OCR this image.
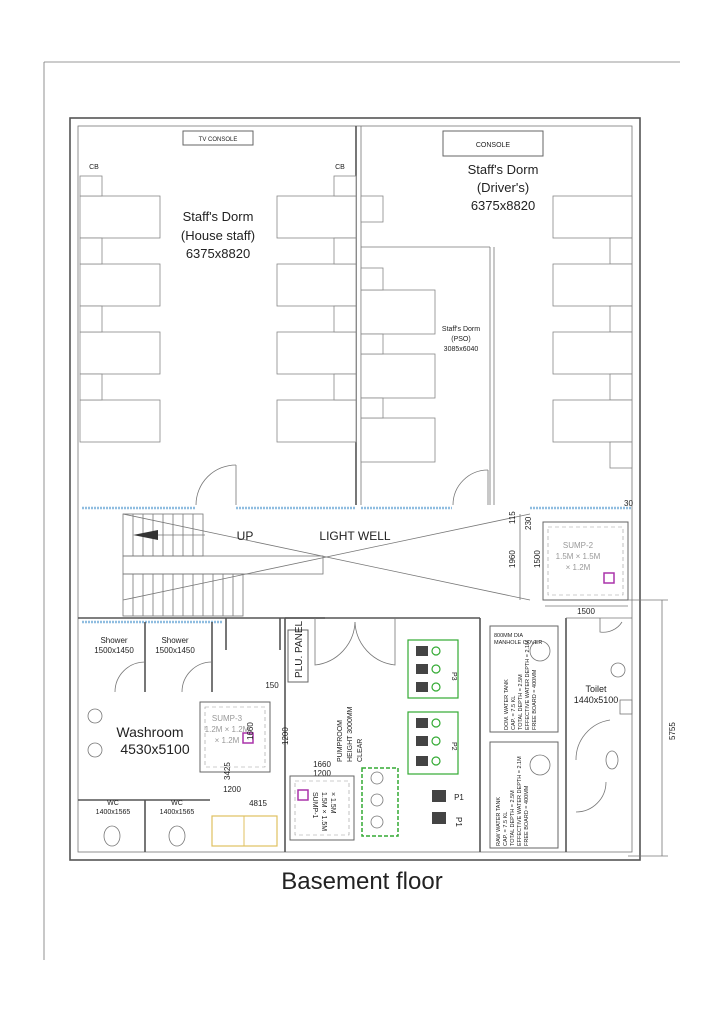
TV CONSOLE
CONSOLE
CB	CB
Staff's Dorm
(House staff)
6375x8820
Staff's Dorm
(Driver's)
6375x8820
Staff's Dorm
(PSO)
3085x6040
UP	LIGHT WELL
SUMP-2
1.5M × 1.5M
× 1.2M
115 230
30
1960 1500
1500
5755
Shower
1500x1450
Shower
1500x1450
Washroom
4530x5100
WC
1400x1565
WC
1400x1565
SUMP-3
1.2M × 1.2M
× 1.2M
150
1200
1660
3425
1200
4815
1660
1200
PLU. PANEL
PUMPROOM HEIGHT 3000MM CLEAR
P3
P2
P1
P1
SUMP-1 1.5M × 1.5M × 1.5M
800MM DIA
MANHOLE COVER
DOM. WATER TANK CAP. = 7.5 KL TOTAL DEPTH = 2.5M EFFECTIVE WATER DEPTH = 2.1M FREE BOARD = 400MM
RAW WATER TANK CAP. = 7.5 KL TOTAL DEPTH = 2.5M EFFECTIVE WATER DEPTH = 2.1M FREE BOARD = 400MM
Toilet
1440x5100
Basement floor
